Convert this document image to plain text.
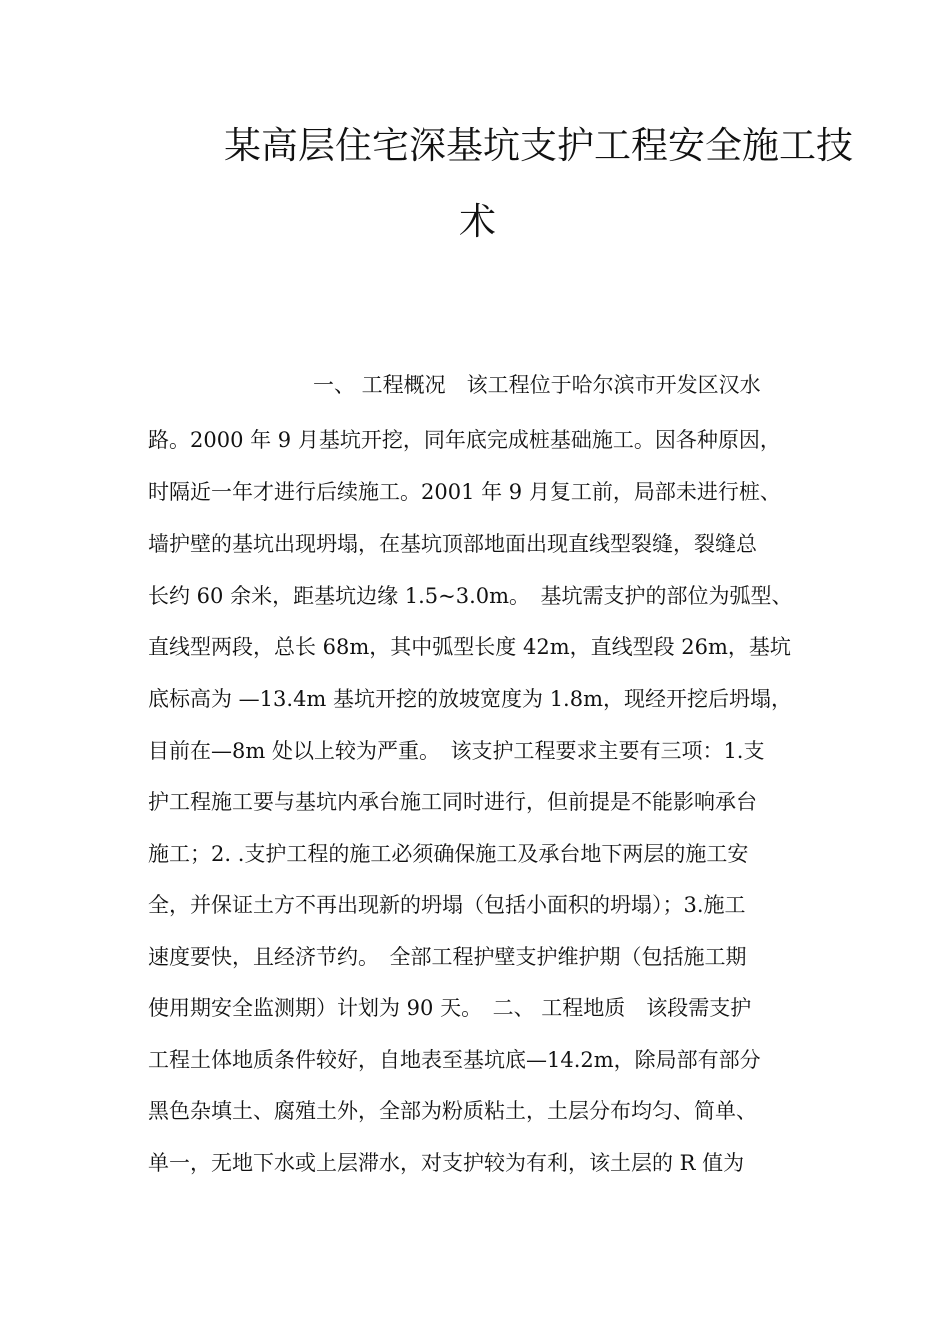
某高层住宅深基坑支护工程安全施工技
术
一、 工程概况　该工程位于哈尔滨市开发区汉水
路。2000 年 9 月基坑开挖，同年底完成桩基础施工。因各种原因，
时隔近一年才进行后续施工。2001 年 9 月复工前，局部未进行桩、
墙护壁的基坑出现坍塌，在基坑顶部地面出现直线型裂缝，裂缝总
长约 60 余米，距基坑边缘 1.5~3.0m。　基坑需支护的部位为弧型、
直线型两段，总长 68m，其中弧型长度 42m，直线型段 26m，基坑
底标高为 —13.4m 基坑开挖的放坡宽度为 1.8m，现经开挖后坍塌，
目前在—8m 处以上较为严重。　该支护工程要求主要有三项：1.支
护工程施工要与基坑内承台施工同时进行，但前提是不能影响承台
施工；2. .支护工程的施工必须确保施工及承台地下两层的施工安
全，并保证土方不再出现新的坍塌（包括小面积的坍塌）；3.施工
速度要快，且经济节约。　全部工程护壁支护维护期（包括施工期
使用期安全监测期）计划为 90 天。　二、 工程地质　该段需支护
工程土体地质条件较好，自地表至基坑底—14.2m，除局部有部分
黑色杂填土、腐殖土外，全部为粉质粘土，土层分布均匀、简单、
单一，无地下水或上层滞水，对支护较为有利，该土层的 R 值为
